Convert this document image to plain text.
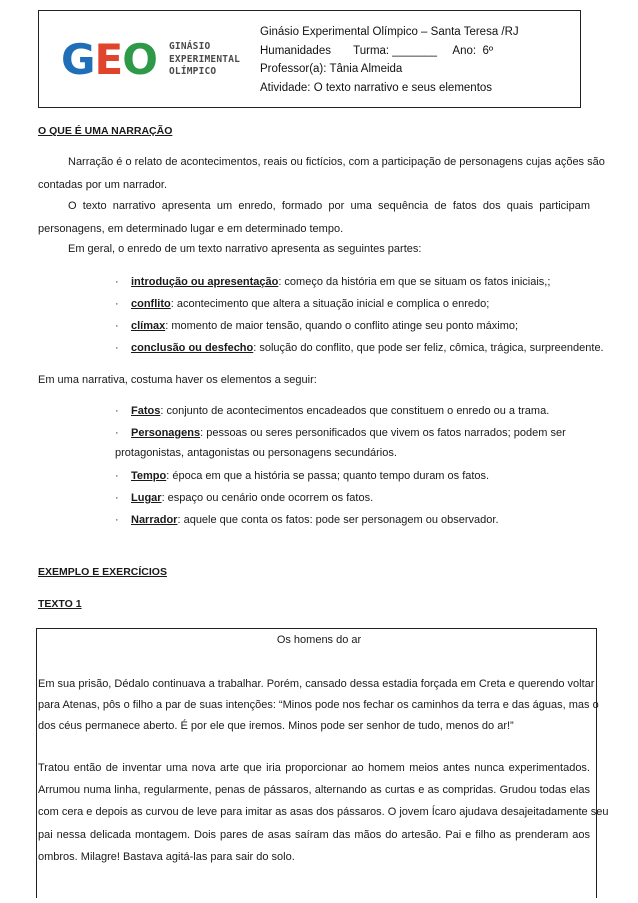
GEO GINÁSIO
EXPERIMENTAL
OLÍMPICO
Ginásio Experimental Olímpico – Santa Teresa /RJ
Humanidades       Turma: _______     Ano:  6º
Professor(a): Tânia Almeida
Atividade: O texto narrativo e seus elementos
O QUE É UMA NARRAÇÃO
Narração é o relato de acontecimentos, reais ou fictícios, com a participação de personagens cujas ações são
contadas por um narrador.
O texto narrativo apresenta um enredo, formado por uma sequência de fatos dos quais participam
personagens, em determinado lugar e em determinado tempo.
Em geral, o enredo de um texto narrativo apresenta as seguintes partes:
· introdução ou apresentação: começo da história em que se situam os fatos iniciais,;
· conflito: acontecimento que altera a situação inicial e complica o enredo;
· clímax: momento de maior tensão, quando o conflito atinge seu ponto máximo;
· conclusão ou desfecho: solução do conflito, que pode ser feliz, cômica, trágica, surpreendente.
Em uma narrativa, costuma haver os elementos a seguir:
· Fatos: conjunto de acontecimentos encadeados que constituem o enredo ou a trama.
· Personagens: pessoas ou seres personificados que vivem os fatos narrados; podem ser
protagonistas, antagonistas ou personagens secundários.
· Tempo: época em que a história se passa; quanto tempo duram os fatos.
· Lugar: espaço ou cenário onde ocorrem os fatos.
· Narrador: aquele que conta os fatos: pode ser personagem ou observador.
EXEMPLO E EXERCÍCIOS
TEXTO 1
Os homens do ar
Em sua prisão, Dédalo continuava a trabalhar. Porém, cansado dessa estadia forçada em Creta e querendo voltar
para Atenas, pôs o filho a par de suas intenções: “Minos pode nos fechar os caminhos da terra e das águas, mas o
dos céus permanece aberto. É por ele que iremos. Minos pode ser senhor de tudo, menos do ar!”
Tratou então de inventar uma nova arte que iria proporcionar ao homem meios antes nunca experimentados.
Arrumou numa linha, regularmente, penas de pássaros, alternando as curtas e as compridas. Grudou todas elas
com cera e depois as curvou de leve para imitar as asas dos pássaros. O jovem Ícaro ajudava desajeitadamente seu
pai nessa delicada montagem. Dois pares de asas saíram das mãos do artesão. Pai e filho as prenderam aos
ombros. Milagre! Bastava agitá-las para sair do solo.
